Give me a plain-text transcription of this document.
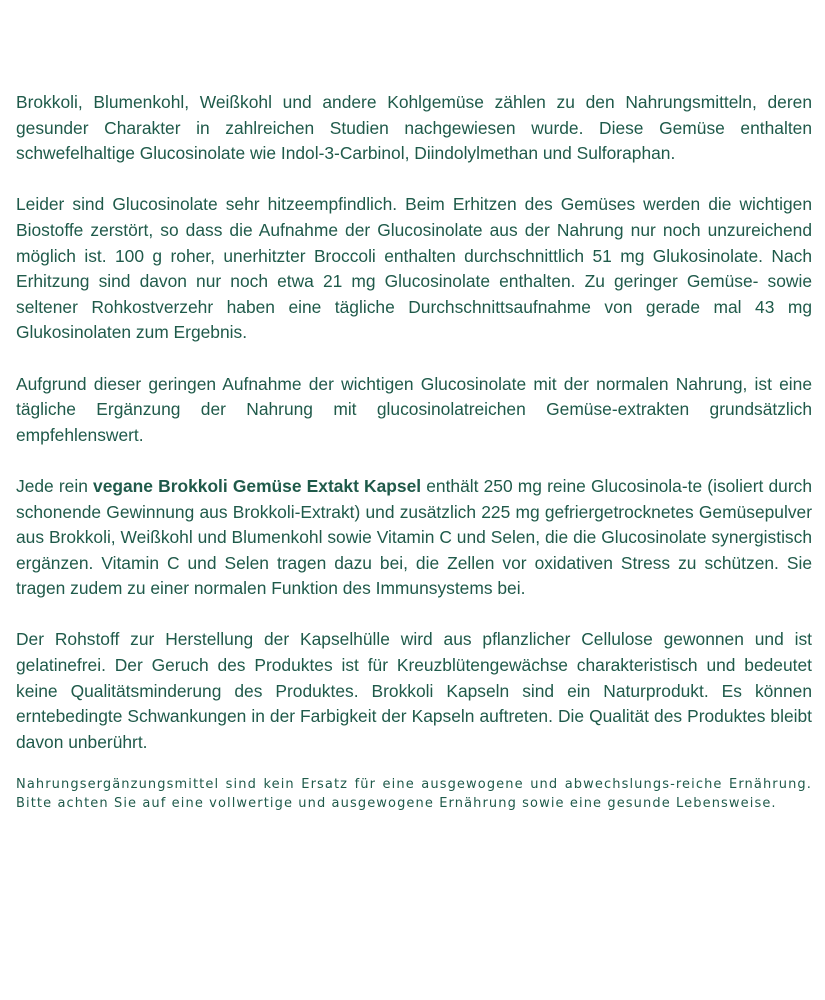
Brokkoli, Blumenkohl, Weißkohl und andere Kohlgemüse zählen zu den Nahrungsmitteln, deren gesunder Charakter in zahlreichen Studien nachgewiesen wurde. Diese Gemüse enthalten schwefelhaltige Glucosinolate wie Indol-3-Carbinol, Diindolylmethan und Sulforaphan.

Leider sind Glucosinolate sehr hitzeempfindlich. Beim Erhitzen des Gemüses werden die wichtigen Biostoffe zerstört, so dass die Aufnahme der Glucosinolate aus der Nahrung nur noch unzureichend möglich ist. 100 g roher, unerhitzter Broccoli enthalten durchschnittlich 51 mg Glukosinolate. Nach Erhitzung sind davon nur noch etwa 21 mg Glucosinolate enthalten. Zu geringer Gemüse- sowie seltener Rohkostverzehr haben eine tägliche Durchschnittsaufnahme von gerade mal 43 mg Glukosinolaten zum Ergebnis.

Aufgrund dieser geringen Aufnahme der wichtigen Glucosinolate mit der normalen Nahrung, ist eine tägliche Ergänzung der Nahrung mit glucosinolatreichen Gemüse-extrakten grundsätzlich empfehlenswert.

Jede rein vegane Brokkoli Gemüse Extakt Kapsel enthält 250 mg reine Glucosinola-te (isoliert durch schonende Gewinnung aus Brokkoli-Extrakt) und zusätzlich 225 mg gefriergetrocknetes Gemüsepulver aus Brokkoli, Weißkohl und Blumenkohl sowie Vitamin C und Selen, die die Glucosinolate synergistisch ergänzen. Vitamin C und Selen tragen dazu bei, die Zellen vor oxidativen Stress zu schützen. Sie tragen zudem zu einer normalen Funktion des Immunsystems bei.

Der Rohstoff zur Herstellung der Kapselhülle wird aus pflanzlicher Cellulose gewonnen und ist gelatinefrei. Der Geruch des Produktes ist für Kreuzblütengewächse charakteristisch und bedeutet keine Qualitätsminderung des Produktes. Brokkoli Kapseln sind ein Naturprodukt. Es können erntebedingte Schwankungen in der Farbigkeit der Kapseln auftreten. Die Qualität des Produktes bleibt davon unberührt.

Nahrungsergänzungsmittel sind kein Ersatz für eine ausgewogene und abwechslungs-reiche Ernährung. Bitte achten Sie auf eine vollwertige und ausgewogene Ernährung sowie eine gesunde Lebensweise.
